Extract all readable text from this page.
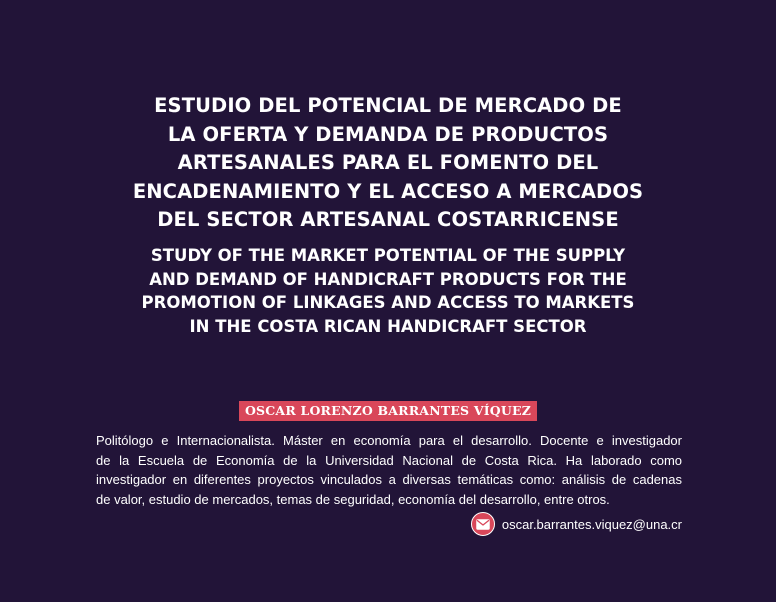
ESTUDIO DEL POTENCIAL DE MERCADO DE
LA OFERTA Y DEMANDA DE PRODUCTOS
ARTESANALES PARA EL FOMENTO DEL
ENCADENAMIENTO Y EL ACCESO A MERCADOS
DEL SECTOR ARTESANAL COSTARRICENSE
STUDY OF THE MARKET POTENTIAL OF THE SUPPLY
AND DEMAND OF HANDICRAFT PRODUCTS FOR THE
PROMOTION OF LINKAGES AND ACCESS TO MARKETS
IN THE COSTA RICAN HANDICRAFT SECTOR
OSCAR LORENZO BARRANTES VÍQUEZ

Politólogo e Internacionalista. Máster en economía para el desarrollo. Docente e investigador
de la Escuela de Economía de la Universidad Nacional de Costa Rica. Ha laborado como
investigador en diferentes proyectos vinculados a diversas temáticas como: análisis de cadenas
de valor, estudio de mercados, temas de seguridad, economía del desarrollo, entre otros.

oscar.barrantes.viquez@una.cr
